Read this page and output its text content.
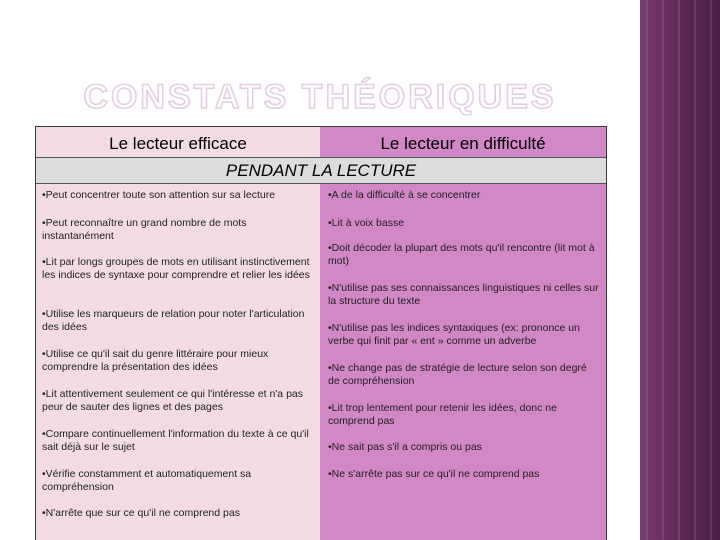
CONSTATS THÉORIQUES
Le lecteur efficace	Le lecteur en difficulté
PENDANT LA LECTURE
•Peut concentrer toute son attention sur sa lecture
•Peut reconnaître un grand nombre de mots instantanément
•Lit par longs groupes de mots en utilisant instinctivement les indices de syntaxe pour comprendre et relier les idées
•Utilise les marqueurs de relation pour noter l'articulation des idées
•Utilise ce qu'il sait du genre littéraire pour mieux comprendre la présentation des idées
•Lit attentivement seulement ce qui l'intéresse et n'a pas peur de sauter des lignes et des pages
•Compare continuellement l'information du texte à ce qu'il sait déjà sur le sujet
•Vérifie constamment et automatiquement sa compréhension
•N'arrête que sur ce qu'il ne comprend pas
•A de la difficulté à se concentrer
•Lit à voix basse
•Doit décoder la plupart des mots qu'il rencontre (lit mot à mot)
•N'utilise pas ses connaissances linguistiques ni celles sur la structure du texte
•N'utilise pas les indices syntaxiques (ex: prononce un verbe qui finit par « ent » comme un adverbe
•Ne change pas de stratégie de lecture selon son degré de compréhension
•Lit trop lentement pour retenir les idées, donc ne comprend pas
•Ne sait pas s'il a compris ou pas
•Ne s'arrête pas sur ce qu'il ne comprend pas
